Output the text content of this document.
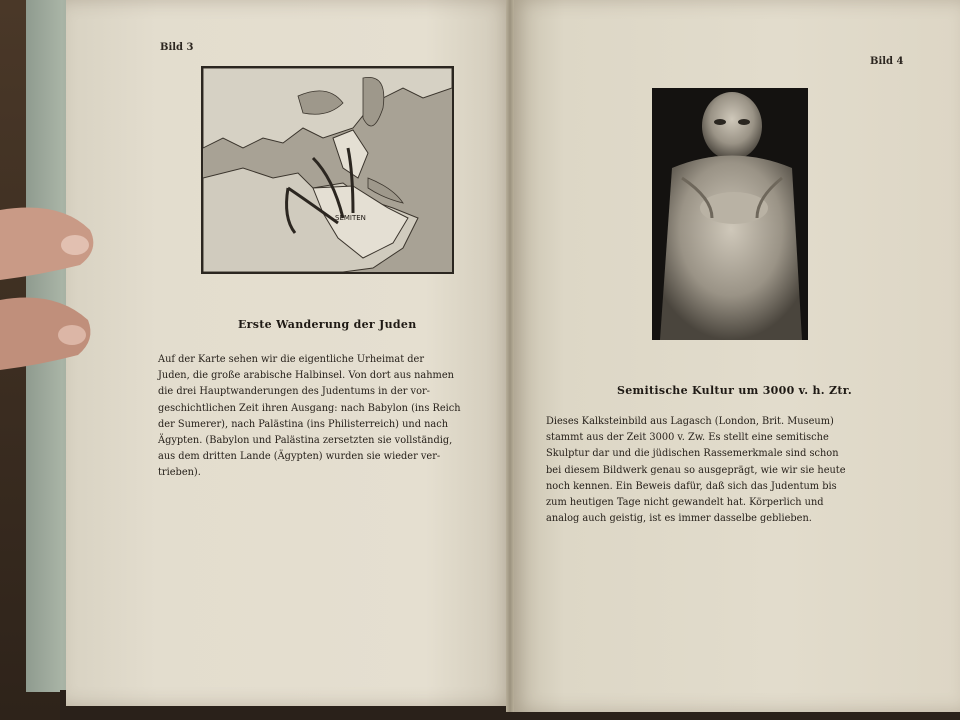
Bild 3
SEMITEN
Erste Wanderung der Juden
Auf der Karte sehen wir die eigentliche Urheimat der
Juden, die große arabische Halbinsel. Von dort aus nahmen
die drei Hauptwanderungen des Judentums in der vor-
geschichtlichen Zeit ihren Ausgang: nach Babylon (ins Reich
der Sumerer), nach Palästina (ins Philisterreich) und nach
Ägypten. (Babylon und Palästina zersetzten sie vollständig,
aus dem dritten Lande (Ägypten) wurden sie wieder ver-
trieben).
Bild 4
Semitische Kultur um 3000 v. h. Ztr.
Dieses Kalksteinbild aus Lagasch (London, Brit. Museum)
stammt aus der Zeit 3000 v. Zw. Es stellt eine semitische
Skulptur dar und die jüdischen Rassemerkmale sind schon
bei diesem Bildwerk genau so ausgeprägt, wie wir sie heute
noch kennen. Ein Beweis dafür, daß sich das Judentum bis
zum heutigen Tage nicht gewandelt hat. Körperlich und
analog auch geistig, ist es immer dasselbe geblieben.
